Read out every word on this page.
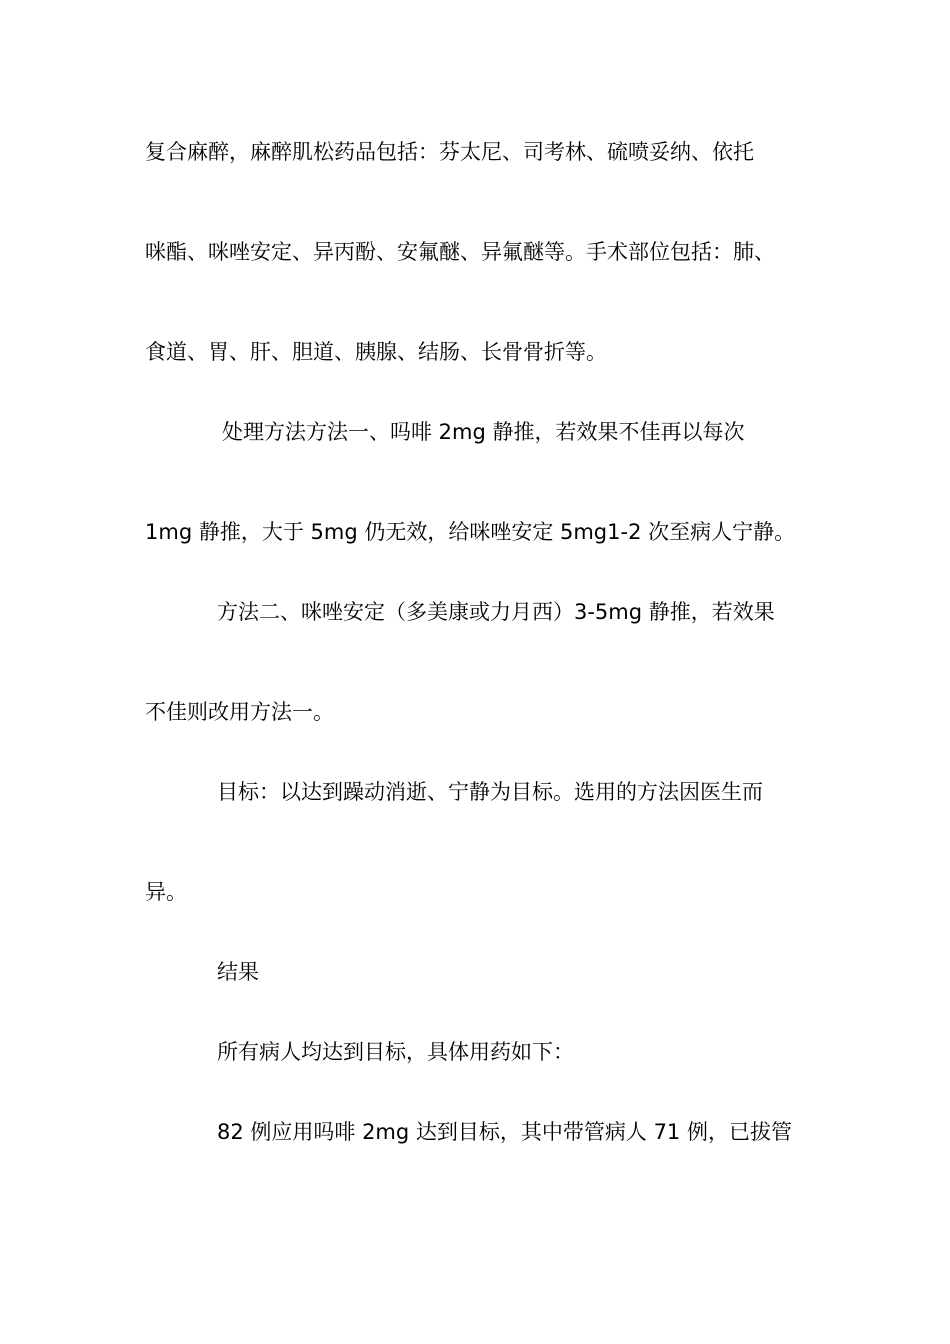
复合麻醉，麻醉肌松药品包括：芬太尼、司考林、硫喷妥纳、依托
咪酯、咪唑安定、异丙酚、安氟醚、异氟醚等。手术部位包括：肺、
食道、胃、肝、胆道、胰腺、结肠、长骨骨折等。
处理方法方法一、吗啡 2mg 静推，若效果不佳再以每次
1mg 静推，大于 5mg 仍无效，给咪唑安定 5mg1-2 次至病人宁静。
方法二、咪唑安定（多美康或力月西）3-5mg 静推，若效果
不佳则改用方法一。
目标：以达到躁动消逝、宁静为目标。选用的方法因医生而
异。
结果
所有病人均达到目标，具体用药如下：
82 例应用吗啡 2mg 达到目标，其中带管病人 71 例，已拔管
